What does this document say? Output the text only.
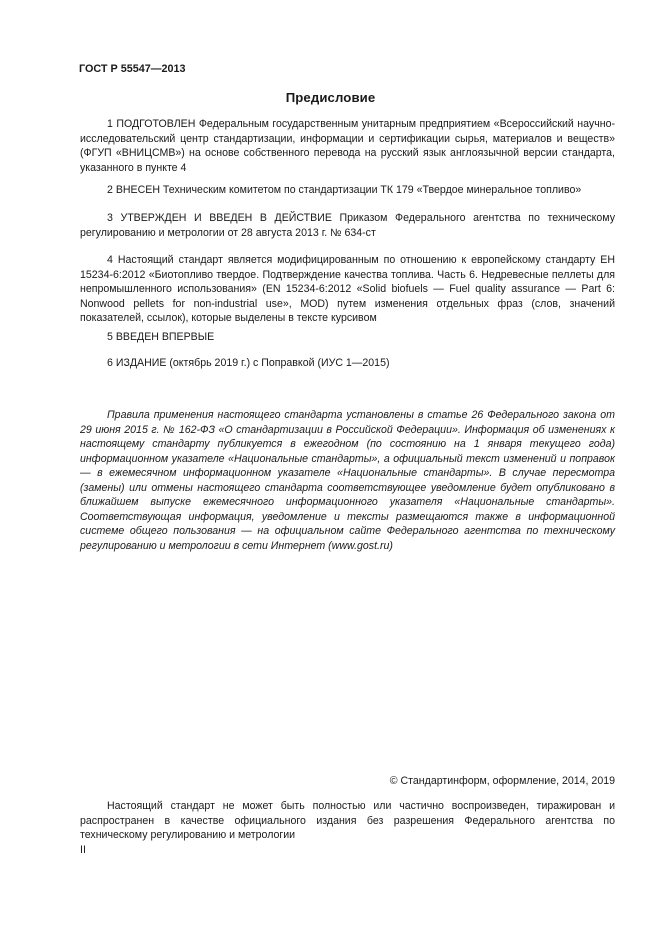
ГОСТ Р 55547—2013
Предисловие

1 ПОДГОТОВЛЕН Федеральным государственным унитарным предприятием «Всероссийский научно-исследовательский центр стандартизации, информации и сертификации сырья, материалов и веществ» (ФГУП «ВНИЦСМВ») на основе собственного перевода на русский язык англоязычной версии стандарта, указанного в пункте 4

2 ВНЕСЕН Техническим комитетом по стандартизации ТК 179 «Твердое минеральное топливо»

3 УТВЕРЖДЕН И ВВЕДЕН В ДЕЙСТВИЕ Приказом Федерального агентства по техническому регулированию и метрологии от 28 августа 2013 г. № 634-ст

4 Настоящий стандарт является модифицированным по отношению к европейскому стандарту ЕН 15234-6:2012 «Биотопливо твердое. Подтверждение качества топлива. Часть 6. Недревесные пеллеты для непромышленного использования» (EN 15234-6:2012 «Solid biofuels — Fuel quality assurance — Part 6: Nonwood pellets for non-industrial use», MOD) путем изменения отдельных фраз (слов, значений показателей, ссылок), которые выделены в тексте курсивом

5 ВВЕДЕН ВПЕРВЫЕ

6 ИЗДАНИЕ (октябрь 2019 г.) с Поправкой (ИУС 1—2015)

Правила применения настоящего стандарта установлены в статье 26 Федерального закона от 29 июня 2015 г. № 162-ФЗ «О стандартизации в Российской Федерации». Информация об изменениях к настоящему стандарту публикуется в ежегодном (по состоянию на 1 января текущего года) информационном указателе «Национальные стандарты», а официальный текст изменений и поправок — в ежемесячном информационном указателе «Национальные стандарты». В случае пересмотра (замены) или отмены настоящего стандарта соответствующее уведомление будет опубликовано в ближайшем выпуске ежемесячного информационного указателя «Национальные стандарты». Соответствующая информация, уведомление и тексты размещаются также в информационной системе общего пользования — на официальном сайте Федерального агентства по техническому регулированию и метрологии в сети Интернет (www.gost.ru)

© Стандартинформ, оформление, 2014, 2019

Настоящий стандарт не может быть полностью или частично воспроизведен, тиражирован и распространен в качестве официального издания без разрешения Федерального агентства по техническому регулированию и метрологии

II
